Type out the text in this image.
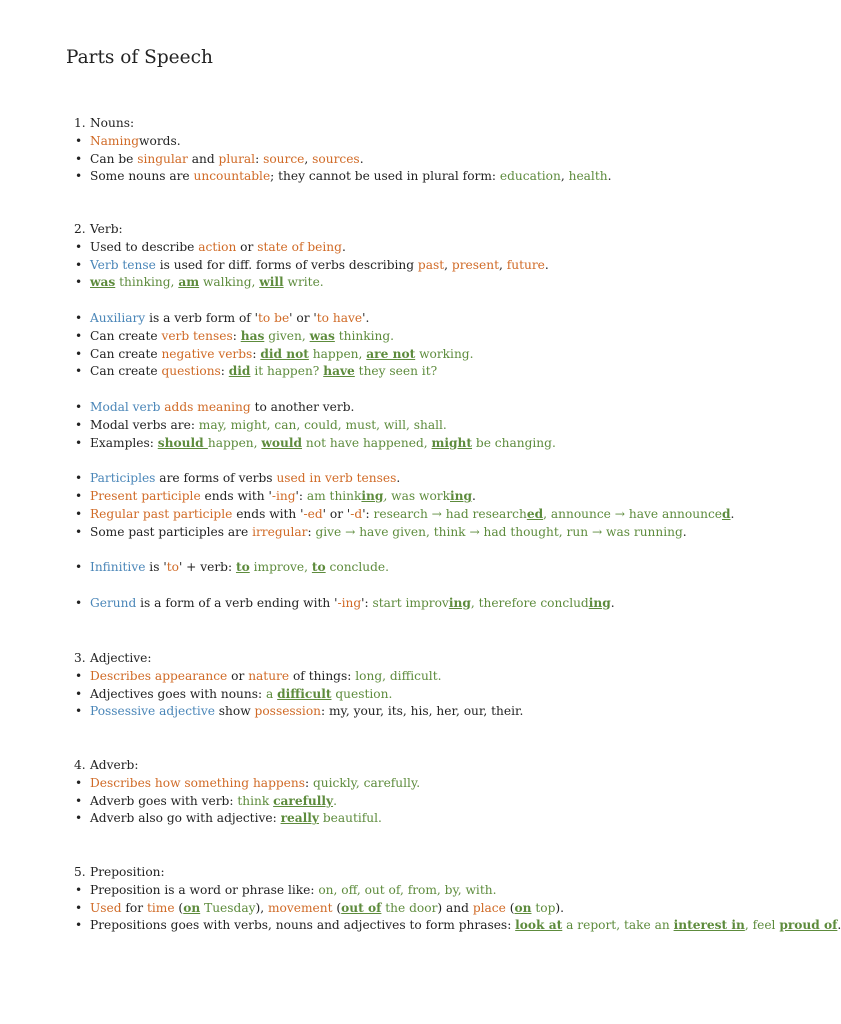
Parts of Speech
1. Nouns:
• Namingwords.
• Can be singular and plural: source, sources.
• Some nouns are uncountable; they cannot be used in plural form: education, health.
2. Verb:
• Used to describe action or state of being.
• Verb tense is used for diff. forms of verbs describing past, present, future.
• was thinking, am walking, will write.
• Auxiliary is a verb form of 'to be' or 'to have'.
• Can create verb tenses: has given, was thinking.
• Can create negative verbs: did not happen, are not working.
• Can create questions: did it happen? have they seen it?
• Modal verb adds meaning to another verb.
• Modal verbs are: may, might, can, could, must, will, shall.
• Examples: should happen, would not have happened, might be changing.
• Participles are forms of verbs used in verb tenses.
• Present participle ends with '-ing': am thinking, was working.
• Regular past participle ends with '-ed' or '-d': research → had researched, announce → have announced.
• Some past participles are irregular: give → have given, think → had thought, run → was running.
• Infinitive is 'to' + verb: to improve, to conclude.
• Gerund is a form of a verb ending with '-ing': start improving, therefore concluding.
3. Adjective:
• Describes appearance or nature of things: long, difficult.
• Adjectives goes with nouns: a difficult question.
• Possessive adjective show possession: my, your, its, his, her, our, their.
4. Adverb:
• Describes how something happens: quickly, carefully.
• Adverb goes with verb: think carefully.
• Adverb also go with adjective: really beautiful.
5. Preposition:
• Preposition is a word or phrase like: on, off, out of, from, by, with.
• Used for time (on Tuesday), movement (out of the door) and place (on top).
• Prepositions goes with verbs, nouns and adjectives to form phrases: look at a report, take an interest in, feel proud of.
